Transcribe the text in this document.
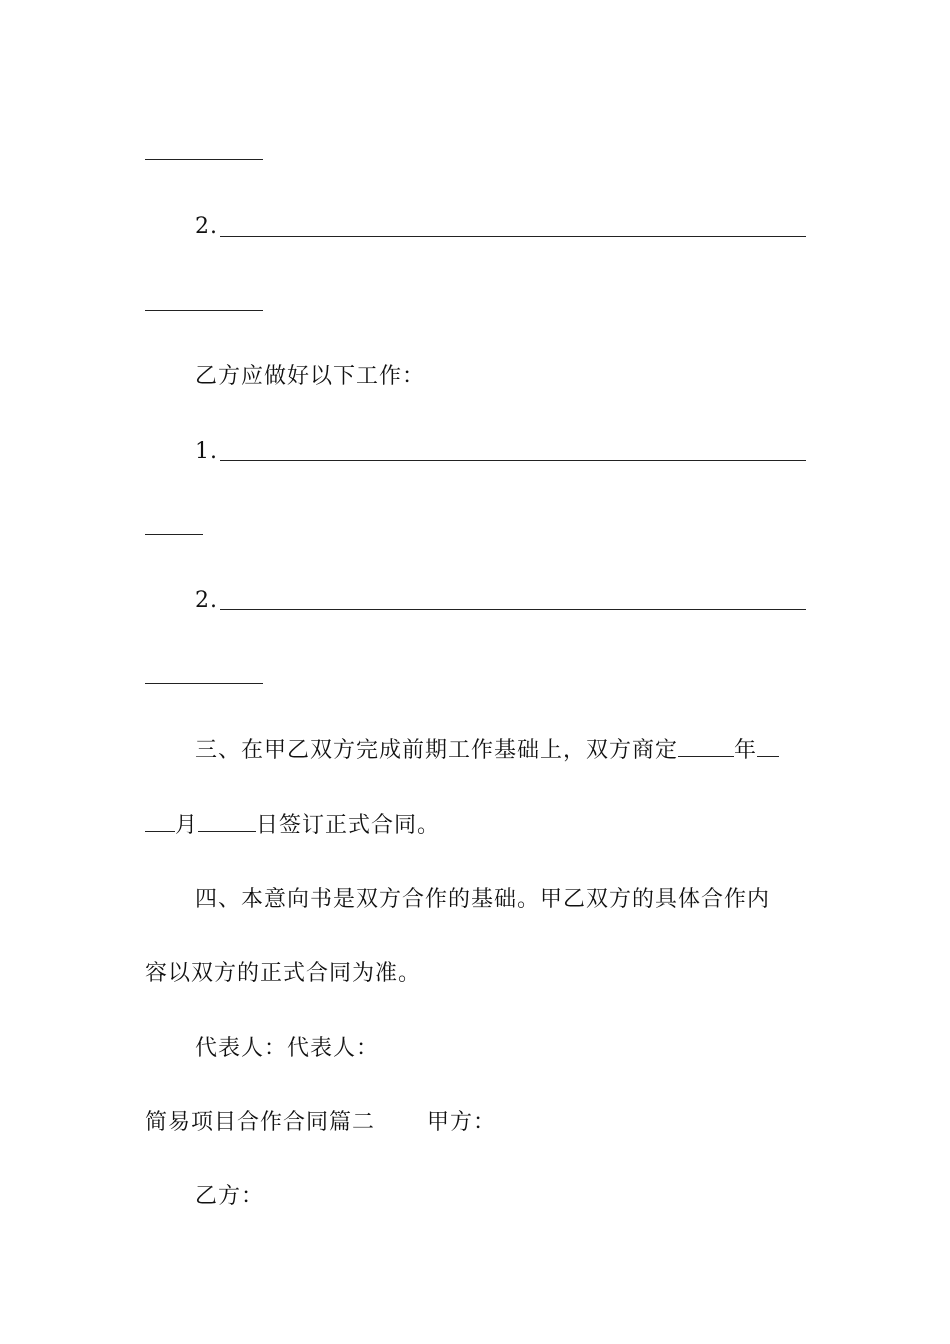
2.
乙方应做好以下工作：
1.
2.
三、在甲乙双方完成前期工作基础上，双方商定	年
月	日签订正式合同。
四、本意向书是双方合作的基础。甲乙双方的具体合作内
容以双方的正式合同为准。
代表人：代表人：
简易项目合作合同篇二 甲方：
乙方：
